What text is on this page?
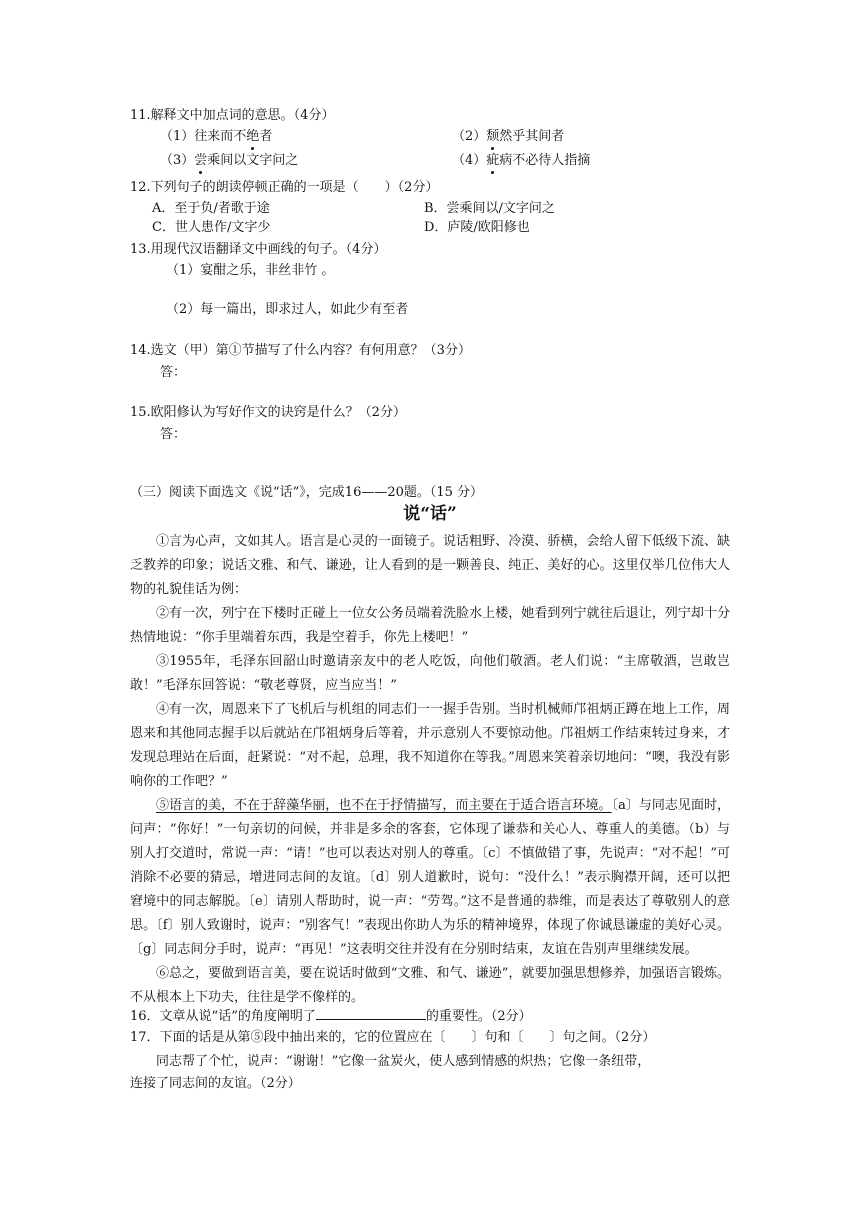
11.解释文中加点词的意思。（4分）
（1）往来而不绝者	（2）颓然乎其间者
（3）尝乘间以文字问之	（4）疵病不必待人指摘
12.下列句子的朗读停顿正确的一项是（　　）（2分）
A．至于负/者歌于途	B．尝乘间以/文字问之
C．世人患作/文字少	D．庐陵/欧阳修也
13.用现代汉语翻译文中画线的句子。（4分）
（1）宴酣之乐，非丝非竹 。
（2）每一篇出，即求过人，如此少有至者
14.选文（甲）第①节描写了什么内容？有何用意？（3分）
答：
15.欧阳修认为写好作文的诀窍是什么？（2分）
答：
（三）阅读下面选文《说“话”》，完成16——20题。（15 分）
说“话”
①言为心声，文如其人。语言是心灵的一面镜子。说话粗野、冷漠、骄横，会给人留下低级下流、缺乏教养的印象；说话文雅、和气、谦逊，让人看到的是一颗善良、纯正、美好的心。这里仅举几位伟大人物的礼貌佳话为例：
②有一次，列宁在下楼时正碰上一位女公务员端着洗脸水上楼，她看到列宁就往后退让，列宁却十分热情地说：“你手里端着东西，我是空着手，你先上楼吧！”
③1955年，毛泽东回韶山时邀请亲友中的老人吃饭，向他们敬酒。老人们说：“主席敬酒，岂敢岂敢！”毛泽东回答说：“敬老尊贤，应当应当！”
④有一次，周恩来下了飞机后与机组的同志们一一握手告别。当时机械师邝祖炳正蹲在地上工作，周恩来和其他同志握手以后就站在邝祖炳身后等着，并示意别人不要惊动他。邝祖炳工作结束转过身来，才发现总理站在后面，赶紧说：“对不起，总理，我不知道你在等我。”周恩来笑着亲切地问：“噢，我没有影响你的工作吧？”
⑤语言的美，不在于辞藻华丽，也不在于抒情描写，而主要在于适合语言环境。〔a〕与同志见面时，问声：“你好！”一句亲切的问候，并非是多余的客套，它体现了谦恭和关心人、尊重人的美德。（b）与别人打交道时，常说一声：“请！”也可以表达对别人的尊重。〔c〕不慎做错了事，先说声：“对不起！”可消除不必要的猜忌，增进同志间的友谊。〔d〕别人道歉时，说句：“没什么！”表示胸襟开阔，还可以把窘境中的同志解脱。〔e〕请别人帮助时，说一声：“劳驾。”这不是普通的恭维，而是表达了尊敬别人的意思。〔f〕别人致谢时，说声：“别客气！”表现出你助人为乐的精神境界，体现了你诚恳谦虚的美好心灵。〔g〕同志间分手时，说声：“再见！”这表明交往并没有在分别时结束，友谊在告别声里继续发展。
⑥总之，要做到语言美，要在说话时做到“文雅、和气、谦逊”，就要加强思想修养，加强语言锻炼。不从根本上下功夫，往往是学不像样的。
16．文章从说“话”的角度阐明了	的重要性。（2分）
17．下面的话是从第⑤段中抽出来的，它的位置应在〔　　〕句和〔　　〕句之间。（2分）
同志帮了个忙，说声：“谢谢！”它像一盆炭火，使人感到情感的炽热；它像一条纽带，
连接了同志间的友谊。（2分）
